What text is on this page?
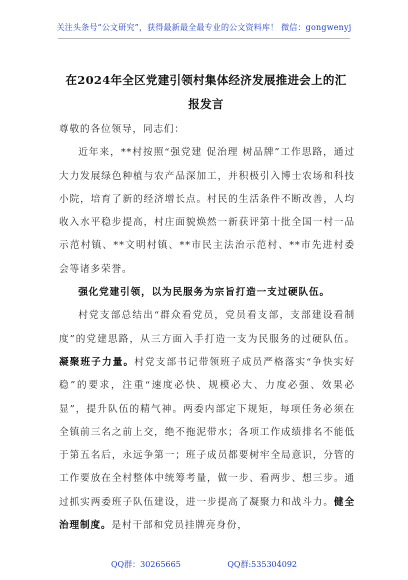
关注头条号“公文研究”，获得最新最全最专业的公文资料库！ 微信：gongwenyj
在2024年全区党建引领村集体经济发展推进会上的汇报发言

尊敬的各位领导，同志们：

近年来，**村按照“强党建 促治理 树品牌”工作思路，通过大力发展绿色种植与农产品深加工，并积极引入博士农场和科技小院，培育了新的经济增长点。村民的生活条件不断改善，人均收入水平稳步提高，村庄面貌焕然一新获评第十批全国一村一品示范村镇、**文明村镇、**市民主法治示范村、**市先进村委会等诸多荣誉。

强化党建引领，以为民服务为宗旨打造一支过硬队伍。

村党支部总结出“群众看党员，党员看支部，支部建设看制度”的党建思路，从三方面入手打造一支为民服务的过硬队伍。凝聚班子力量。村党支部书记带领班子成员严格落实“争快实好稳”的要求，注重“速度必快、规模必大、力度必强、效果必显”，提升队伍的精气神。两委内部定下规矩，每项任务必须在全镇前三名之前上交，绝不拖泥带水；各项工作成绩排名不能低于第五名后，永远争第一；班子成员都要树牢全局意识，分管的工作要放在全村整体中统筹考量，做一步、看两步、想三步。通过抓实两委班子队伍建设，进一步提高了凝聚力和战斗力。健全治理制度。是村干部和党员挂牌亮身份，

QQ群：30265665	QQ群:535304092
